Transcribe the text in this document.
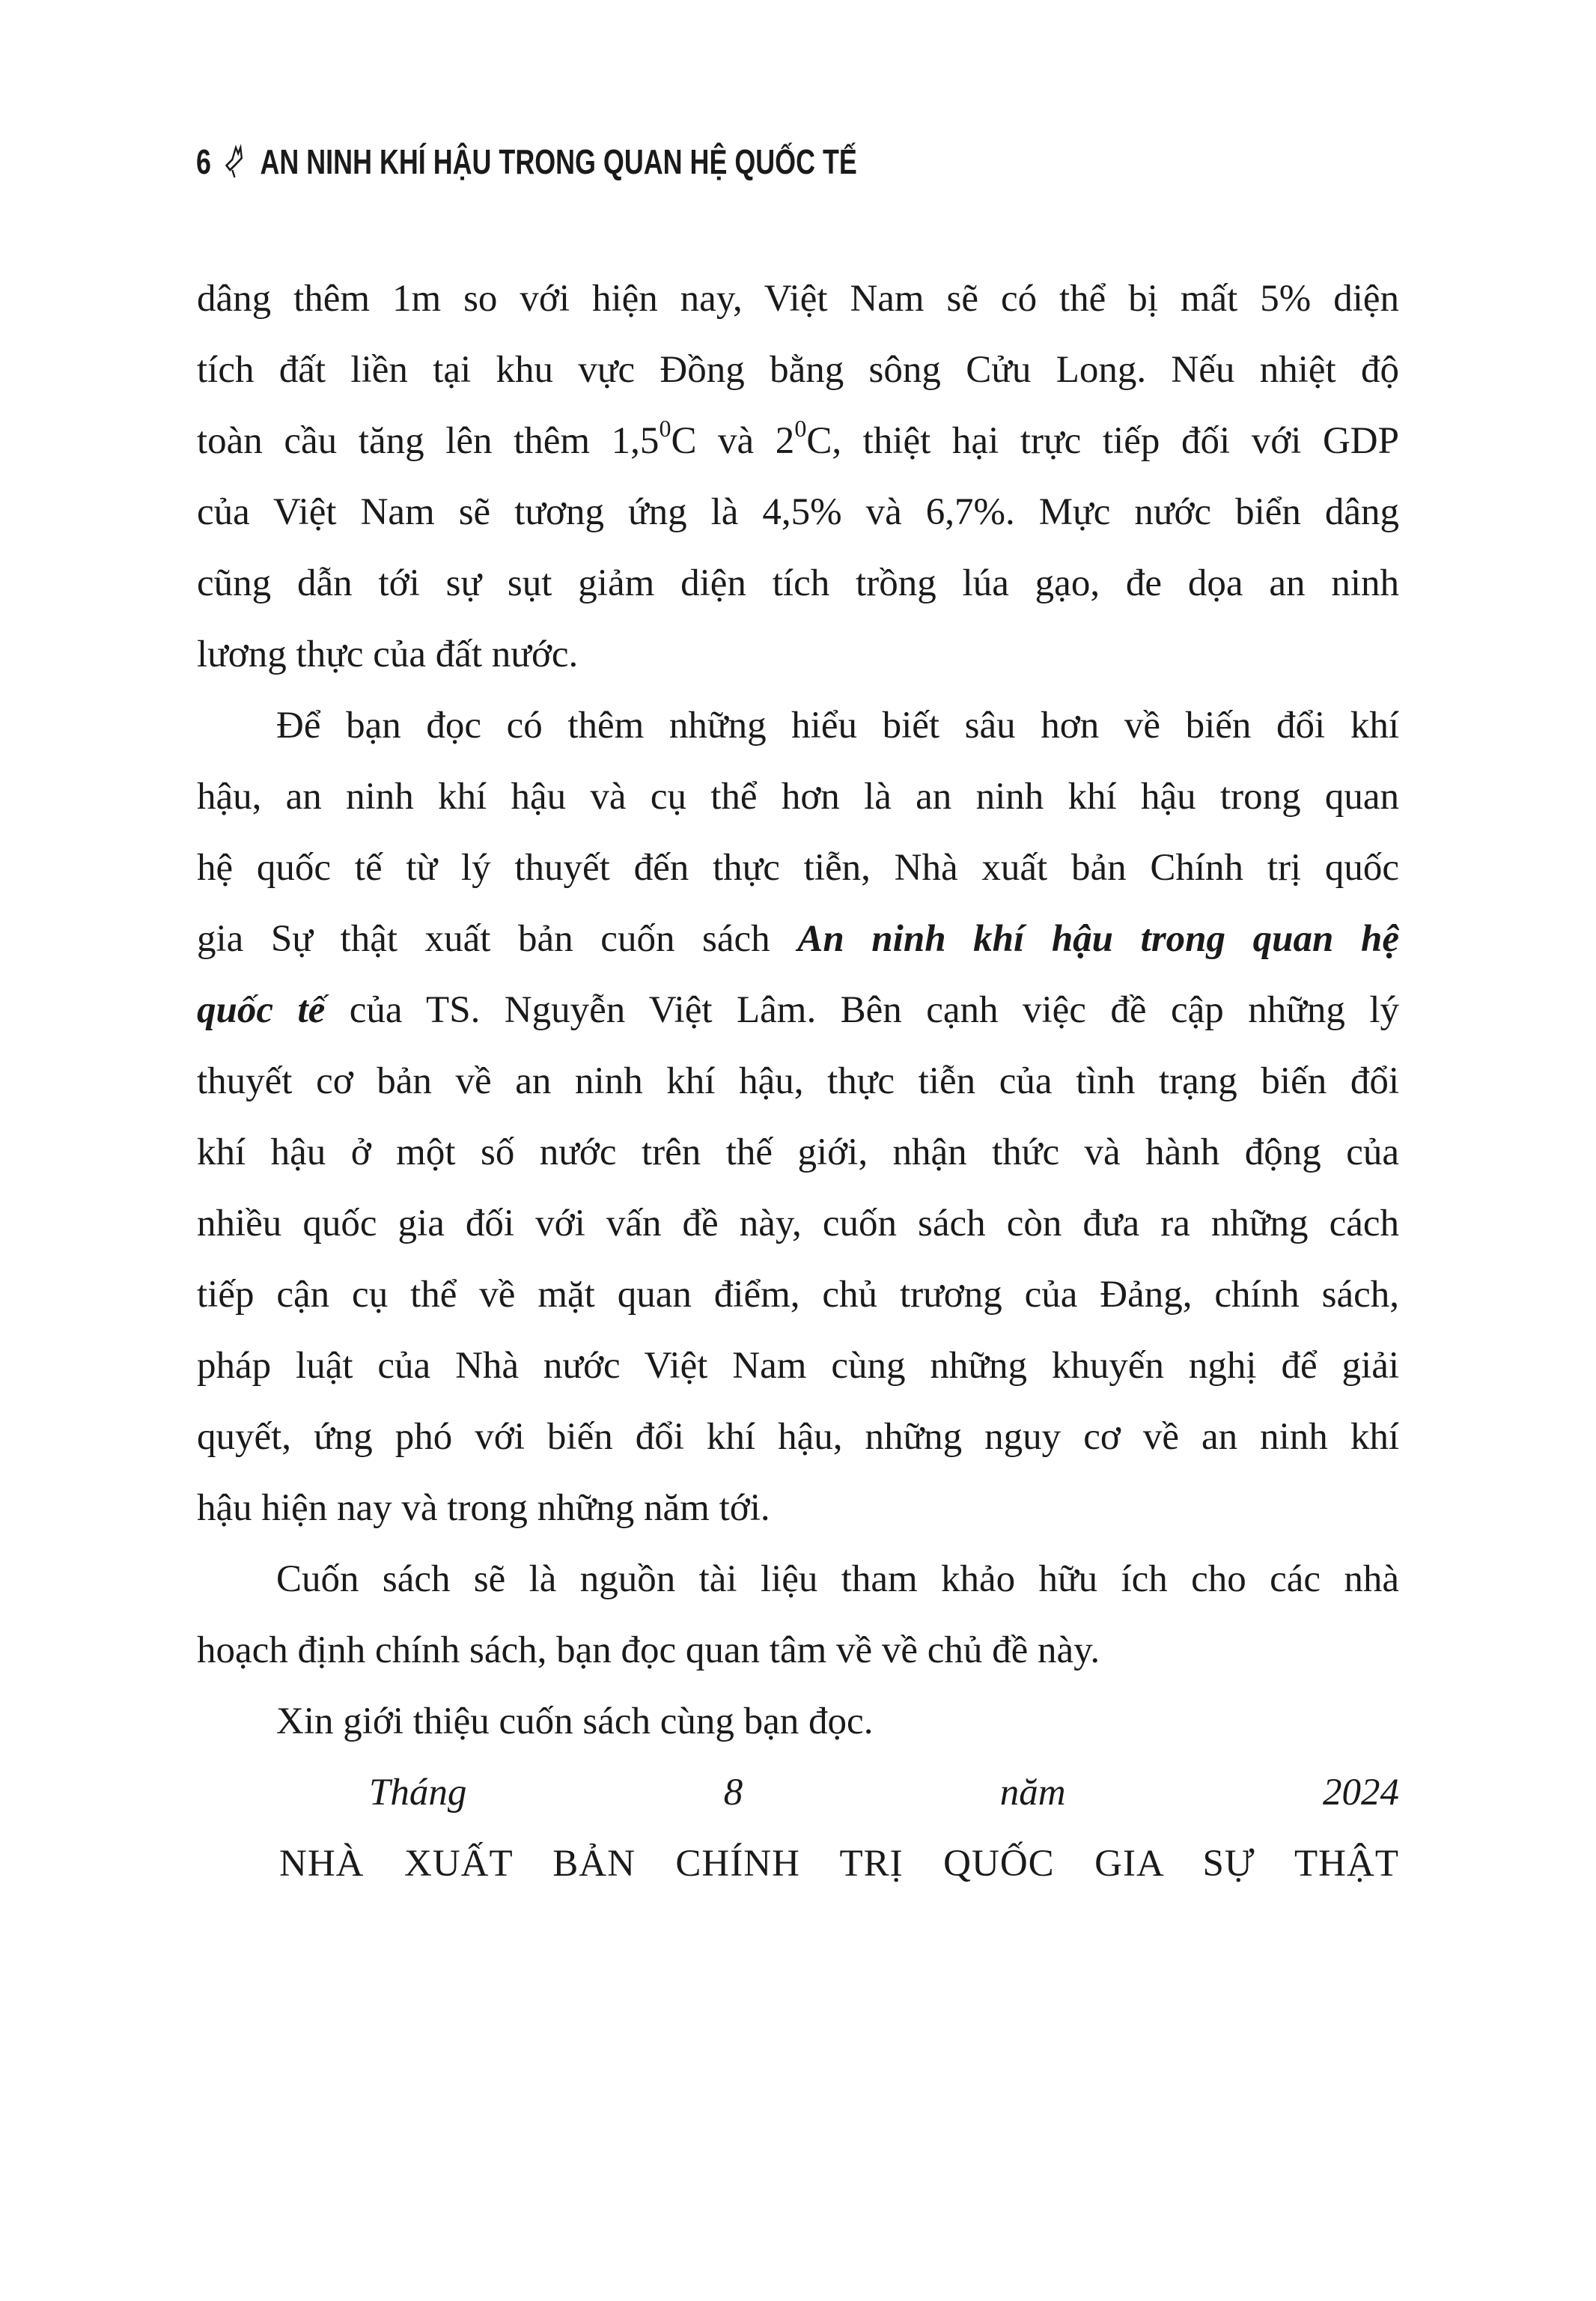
6 AN NINH KHÍ HẬU TRONG QUAN HỆ QUỐC TẾ
dâng thêm 1m so với hiện nay, Việt Nam sẽ có thể bị mất 5% diện
tích đất liền tại khu vực Đồng bằng sông Cửu Long. Nếu nhiệt độ
toàn cầu tăng lên thêm $1,5^0C$ và $2^0C$, thiệt hại trực tiếp đối với GDP
của Việt Nam sẽ tương ứng là 4,5% và 6,7%. Mực nước biển dâng
cũng dẫn tới sự sụt giảm diện tích trồng lúa gạo, đe dọa an ninh
lương thực của đất nước.
Để bạn đọc có thêm những hiểu biết sâu hơn về biến đổi khí
hậu, an ninh khí hậu và cụ thể hơn là an ninh khí hậu trong quan
hệ quốc tế từ lý thuyết đến thực tiễn, Nhà xuất bản Chính trị quốc
gia Sự thật xuất bản cuốn sách An ninh khí hậu trong quan hệ
quốc tế của TS. Nguyễn Việt Lâm. Bên cạnh việc đề cập những lý
thuyết cơ bản về an ninh khí hậu, thực tiễn của tình trạng biến đổi
khí hậu ở một số nước trên thế giới, nhận thức và hành động của
nhiều quốc gia đối với vấn đề này, cuốn sách còn đưa ra những cách
tiếp cận cụ thể về mặt quan điểm, chủ trương của Đảng, chính sách,
pháp luật của Nhà nước Việt Nam cùng những khuyến nghị để giải
quyết, ứng phó với biến đổi khí hậu, những nguy cơ về an ninh khí
hậu hiện nay và trong những năm tới.
Cuốn sách sẽ là nguồn tài liệu tham khảo hữu ích cho các nhà
hoạch định chính sách, bạn đọc quan tâm về về chủ đề này.
Xin giới thiệu cuốn sách cùng bạn đọc.
Tháng 8 năm 2024
NHÀ XUẤT BẢN CHÍNH TRỊ QUỐC GIA SỰ THẬT
